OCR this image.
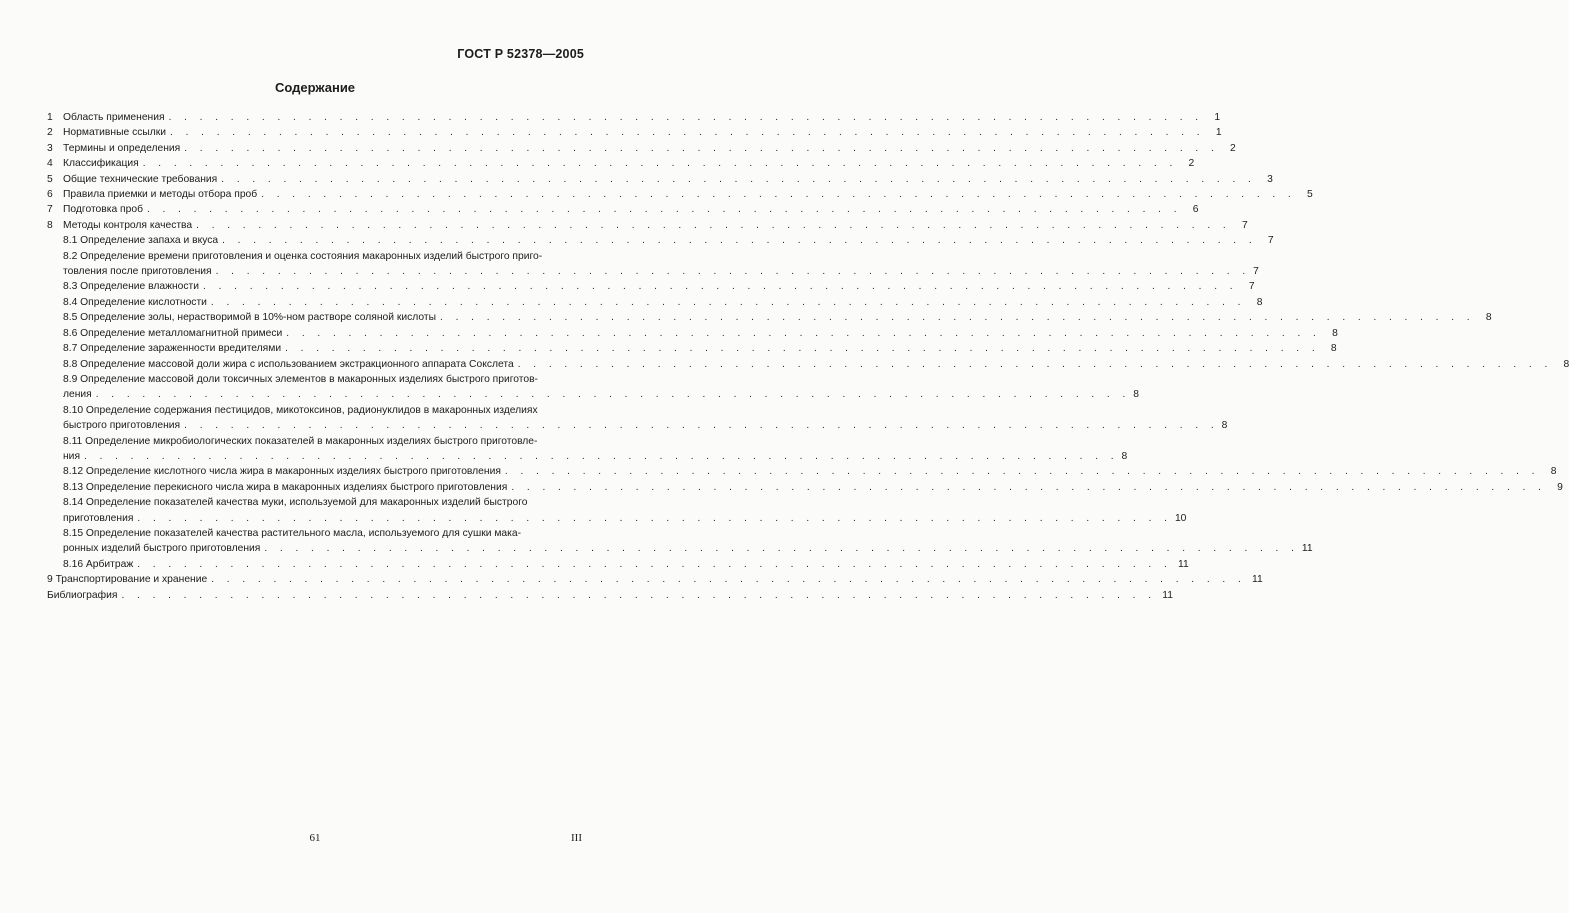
ГОСТ Р 52378—2005
Содержание
1 Область применения . . . . . . . . . . . . . . . . . . . . . . . . . . . . . . . . . . . . . . . . . . . . . . . . . . . . . . . . . . . . . . . . . . .	1
2 Нормативные ссылки . . . . . . . . . . . . . . . . . . . . . . . . . . . . . . . . . . . . . . . . . . . . . . . . . . . . . . . . . . . . . . . . . . .	1
3 Термины и определения . . . . . . . . . . . . . . . . . . . . . . . . . . . . . . . . . . . . . . . . . . . . . . . . . . . . . . . . . . . . . . . . . . .	2
4 Классификация . . . . . . . . . . . . . . . . . . . . . . . . . . . . . . . . . . . . . . . . . . . . . . . . . . . . . . . . . . . . . . . . . . .	2
5 Общие технические требования . . . . . . . . . . . . . . . . . . . . . . . . . . . . . . . . . . . . . . . . . . . . . . . . . . . . . . . . . . . . . . . . . . .	3
6 Правила приемки и методы отбора проб . . . . . . . . . . . . . . . . . . . . . . . . . . . . . . . . . . . . . . . . . . . . . . . . . . . . . . . . . . . . . . . . . . .	5
7 Подготовка проб . . . . . . . . . . . . . . . . . . . . . . . . . . . . . . . . . . . . . . . . . . . . . . . . . . . . . . . . . . . . . . . . . . .	6
8 Методы контроля качества . . . . . . . . . . . . . . . . . . . . . . . . . . . . . . . . . . . . . . . . . . . . . . . . . . . . . . . . . . . . . . . . . . .	7
8.1 Определение запаха и вкуса . . . . . . . . . . . . . . . . . . . . . . . . . . . . . . . . . . . . . . . . . . . . . . . . . . . . . . . . . . . . . . . . . . .	7
8.2 Определение времени приготовления и оценка состояния макаронных изделий быстрого приго-
товления после приготовления . . . . . . . . . . . . . . . . . . . . . . . . . . . . . . . . . . . . . . . . . . . . . . . . . . . . . . . . . . . . . . . . . . . 7
8.3 Определение влажности . . . . . . . . . . . . . . . . . . . . . . . . . . . . . . . . . . . . . . . . . . . . . . . . . . . . . . . . . . . . . . . . . . .	7
8.4 Определение кислотности . . . . . . . . . . . . . . . . . . . . . . . . . . . . . . . . . . . . . . . . . . . . . . . . . . . . . . . . . . . . . . . . . . .	8
8.5 Определение золы, нерастворимой в 10%-ном растворе соляной кислоты . . . . . . . . . . . . . . . . . . . . . . . . . . . . . . . . . . . . . . . . . . . . . . . . . . . . . . . . . . . . . . . . . . .	8
8.6 Определение металломагнитной примеси . . . . . . . . . . . . . . . . . . . . . . . . . . . . . . . . . . . . . . . . . . . . . . . . . . . . . . . . . . . . . . . . . . .	8
8.7 Определение зараженности вредителями . . . . . . . . . . . . . . . . . . . . . . . . . . . . . . . . . . . . . . . . . . . . . . . . . . . . . . . . . . . . . . . . . . .	8
8.8 Определение массовой доли жира с использованием экстракционного аппарата Сокслета . . . . . . . . . . . . . . . . . . . . . . . . . . . . . . . . . . . . . . . . . . . . . . . . . . . . . . . . . . . . . . . . . . .	8
8.9 Определение массовой доли токсичных элементов в макаронных изделиях быстрого приготов-
ления . . . . . . . . . . . . . . . . . . . . . . . . . . . . . . . . . . . . . . . . . . . . . . . . . . . . . . . . . . . . . . . . . . . 8
8.10 Определение содержания пестицидов, микотоксинов, радионуклидов в макаронных изделиях
быстрого приготовления . . . . . . . . . . . . . . . . . . . . . . . . . . . . . . . . . . . . . . . . . . . . . . . . . . . . . . . . . . . . . . . . . . . 8
8.11 Определение микробиологических показателей в макаронных изделиях быстрого приготовле-
ния . . . . . . . . . . . . . . . . . . . . . . . . . . . . . . . . . . . . . . . . . . . . . . . . . . . . . . . . . . . . . . . . . . . 8
8.12 Определение кислотного числа жира в макаронных изделиях быстрого приготовления . . . . . . . . . . . . . . . . . . . . . . . . . . . . . . . . . . . . . . . . . . . . . . . . . . . . . . . . . . . . . . . . . . .	8
8.13 Определение перекисного числа жира в макаронных изделиях быстрого приготовления . . . . . . . . . . . . . . . . . . . . . . . . . . . . . . . . . . . . . . . . . . . . . . . . . . . . . . . . . . . . . . . . . . .	9
8.14 Определение показателей качества муки, используемой для макаронных изделий быстрого
приготовления . . . . . . . . . . . . . . . . . . . . . . . . . . . . . . . . . . . . . . . . . . . . . . . . . . . . . . . . . . . . . . . . . . . 10
8.15 Определение показателей качества растительного масла, используемого для сушки мака-
ронных изделий быстрого приготовления . . . . . . . . . . . . . . . . . . . . . . . . . . . . . . . . . . . . . . . . . . . . . . . . . . . . . . . . . . . . . . . . . . . 11
8.16 Арбитраж . . . . . . . . . . . . . . . . . . . . . . . . . . . . . . . . . . . . . . . . . . . . . . . . . . . . . . . . . . . . . . . . . . . 11
9 Транспортирование и хранение . . . . . . . . . . . . . . . . . . . . . . . . . . . . . . . . . . . . . . . . . . . . . . . . . . . . . . . . . . . . . . . . . . . 11
Библиография . . . . . . . . . . . . . . . . . . . . . . . . . . . . . . . . . . . . . . . . . . . . . . . . . . . . . . . . . . . . . . . . . . . 11
61	III
